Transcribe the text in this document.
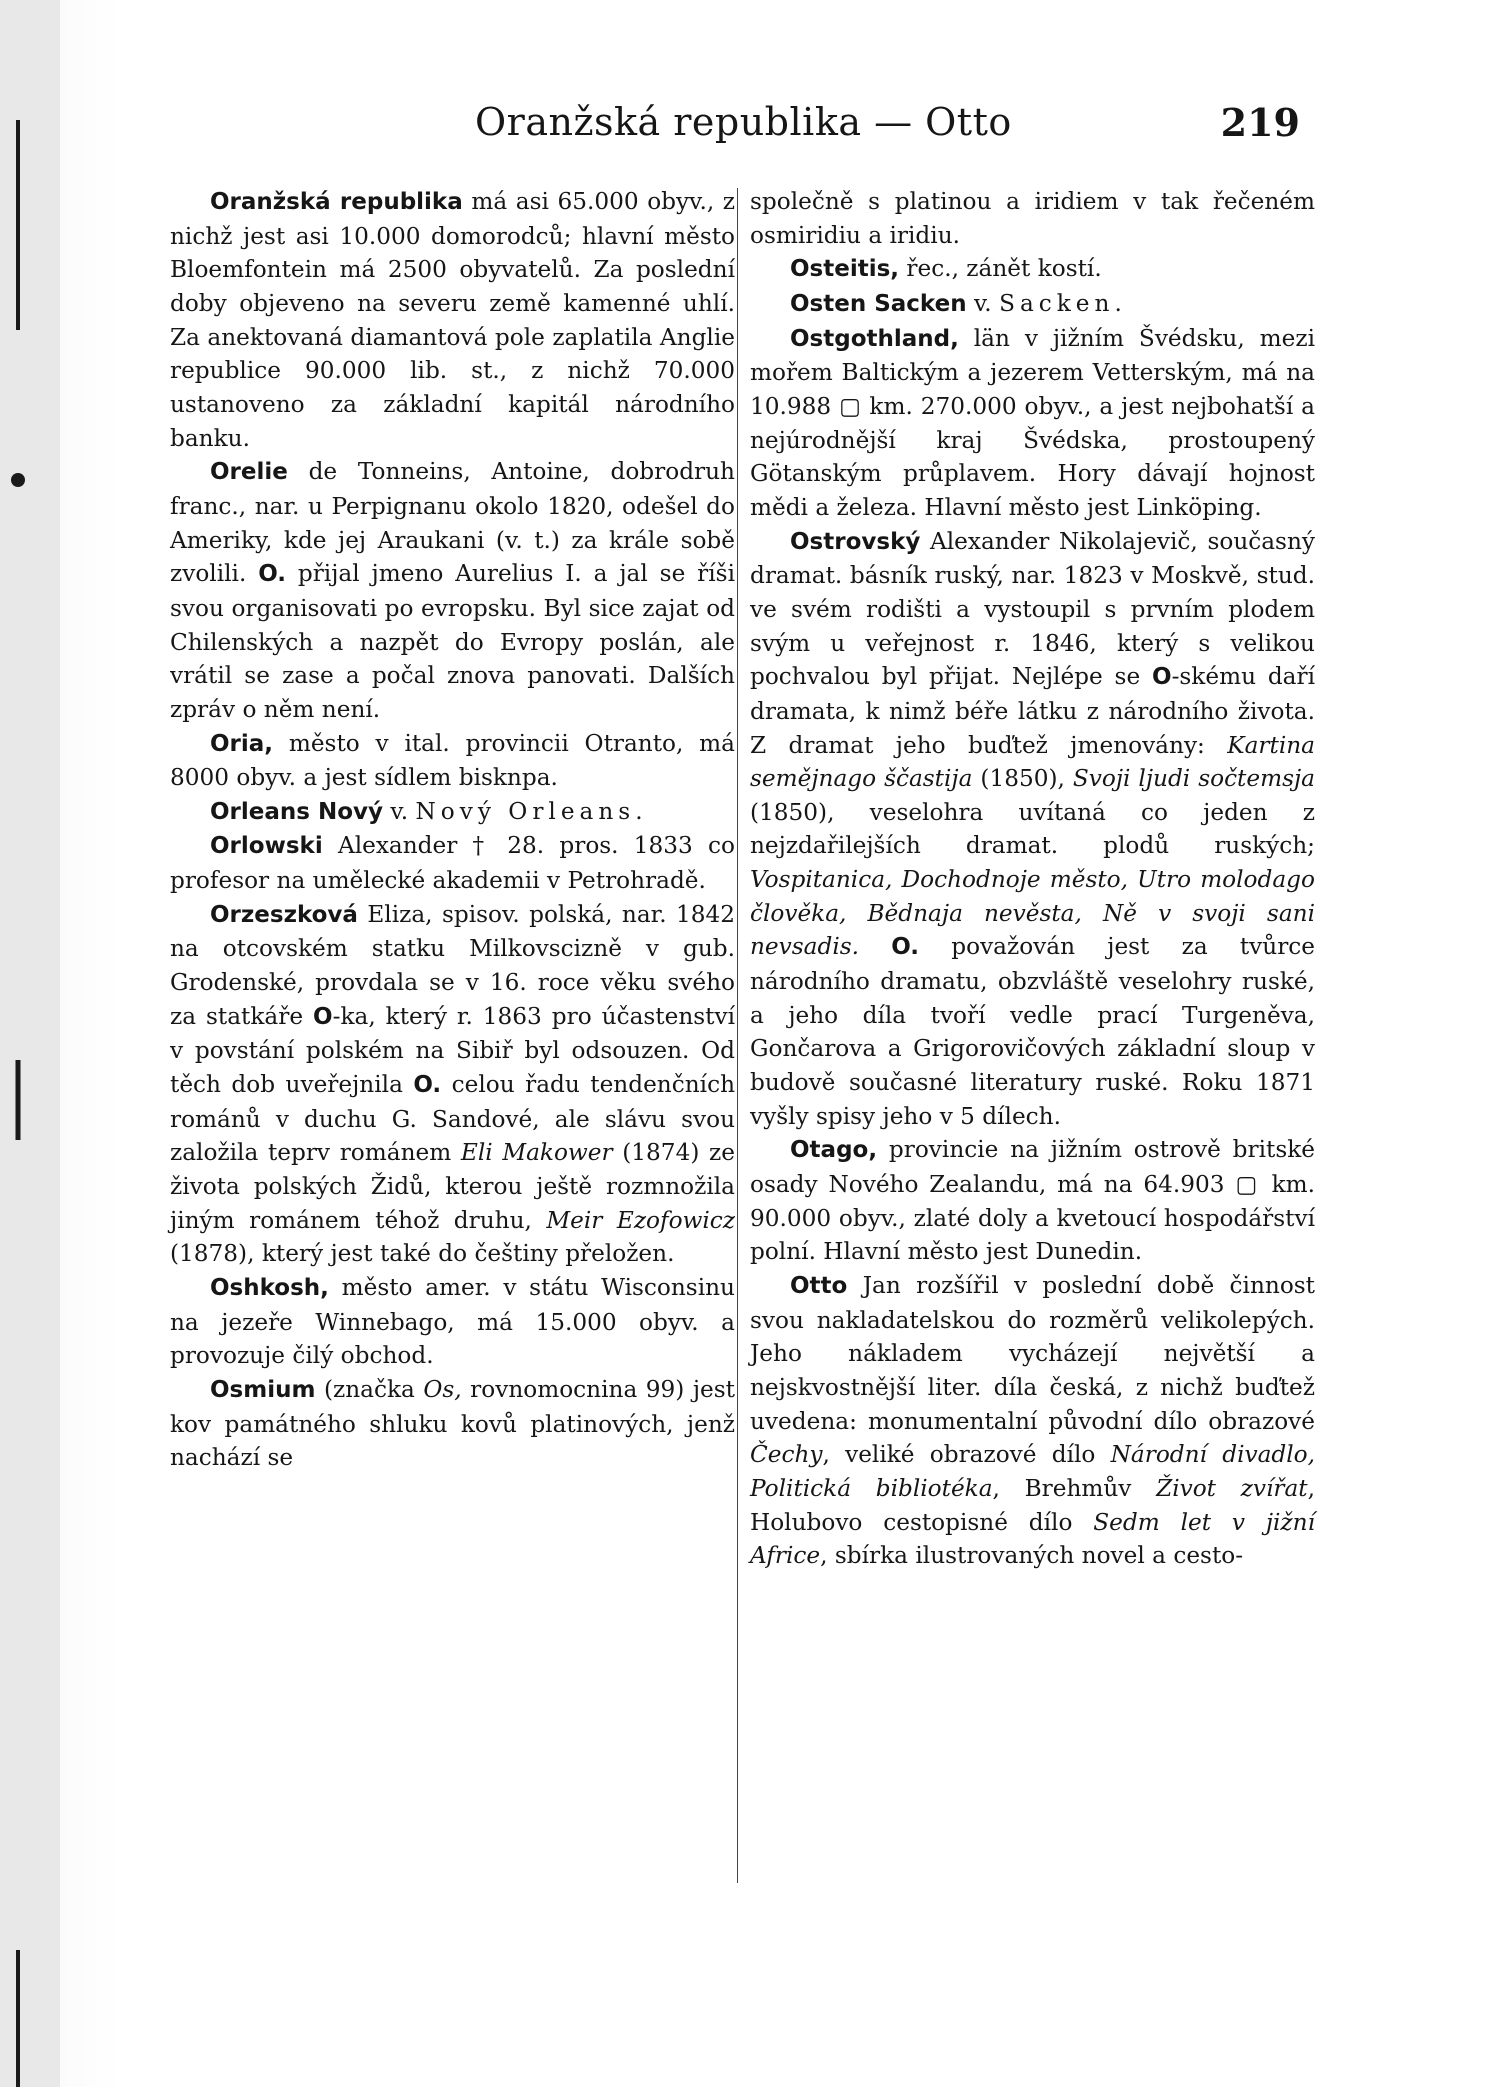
Oranžská republika — Otto	219

Oranžská republika má asi 65.000 obyv., z nichž jest asi 10.000 domorodců; hlavní město Bloemfontein má 2500 obyvatelů. Za poslední doby objeveno na severu země kamenné uhlí. Za anektovaná diamantová pole zaplatila Anglie republice 90.000 lib. st., z nichž 70.000 ustanoveno za základní kapitál národního banku.

Orelie de Tonneins, Antoine, dobrodruh franc., nar. u Perpignanu okolo 1820, odešel do Ameriky, kde jej Araukani (v. t.) za krále sobě zvolili. O. přijal jmeno Aurelius I. a jal se říši svou organisovati po evropsku. Byl sice zajat od Chilenských a nazpět do Evropy poslán, ale vrátil se zase a počal znova panovati. Dalších zpráv o něm není.

Oria, město v ital. provincii Otranto, má 8000 obyv. a jest sídlem bisknpa.

Orleans Nový v. Nový Orleans.

Orlowski Alexander † 28. pros. 1833 co profesor na umělecké akademii v Petrohradě.

Orzeszková Eliza, spisov. polská, nar. 1842 na otcovském statku Milkovscizně v gub. Grodenské, provdala se v 16. roce věku svého za statkáře O-ka, který r. 1863 pro účastenství v povstání polském na Sibiř byl odsouzen. Od těch dob uveřejnila O. celou řadu tendenčních románů v duchu G. Sandové, ale slávu svou založila teprv románem Eli Makower (1874) ze života polských Židů, kterou ještě rozmnožila jiným románem téhož druhu, Meir Ezofowicz (1878), který jest také do češtiny přeložen.

Oshkosh, město amer. v státu Wisconsinu na jezeře Winnebago, má 15.000 obyv. a provozuje čilý obchod.

Osmium (značka Os, rovnomocnina 99) jest kov památného shluku kovů platinových, jenž nachází se

společně s platinou a iridiem v tak řečeném osmiridiu a iridiu.

Osteitis, řec., zánět kostí.

Osten Sacken v. Sacken.

Ostgothland, län v jižním Švédsku, mezi mořem Baltickým a jezerem Vetterským, má na 10.988 ▢ km. 270.000 obyv., a jest nejbohatší a nejúrodnější kraj Švédska, prostoupený Götanským průplavem. Hory dávají hojnost mědi a železa. Hlavní město jest Linköping.

Ostrovský Alexander Nikolajevič, současný dramat. básník ruský, nar. 1823 v Moskvě, stud. ve svém rodišti a vystoupil s prvním plodem svým u veřejnost r. 1846, který s velikou pochvalou byl přijat. Nejlépe se O-skému daří dramata, k nimž béře látku z národního života. Z dramat jeho buďtež jmenovány: Kartina semějnago ščastija (1850), Svoji ljudi sočtemsja (1850), veselohra uvítaná co jeden z nejzdařilejších dramat. plodů ruských; Vospitanica, Dochodnoje město, Utro molodago člověka, Bědnaja nevěsta, Ně v svoji sani nevsadis. O. považován jest za tvůrce národního dramatu, obzvláště veselohry ruské, a jeho díla tvoří vedle prací Turgeněva, Gončarova a Grigorovičových základní sloup v budově současné literatury ruské. Roku 1871 vyšly spisy jeho v 5 dílech.

Otago, provincie na jižním ostrově britské osady Nového Zealandu, má na 64.903 ▢ km. 90.000 obyv., zlaté doly a kvetoucí hospodářství polní. Hlavní město jest Dunedin.

Otto Jan rozšířil v poslední době činnost svou nakladatelskou do rozměrů velikolepých. Jeho nákladem vycházejí největší a nejskvostnější liter. díla česká, z nichž buďtež uvedena: monumentalní původní dílo obrazové Čechy, veliké obrazové dílo Národní divadlo, Politická bibliotéka, Brehmův Život zvířat, Holubovo cestopisné dílo Sedm let v jižní Africe, sbírka ilustrovaných novel a cesto-
